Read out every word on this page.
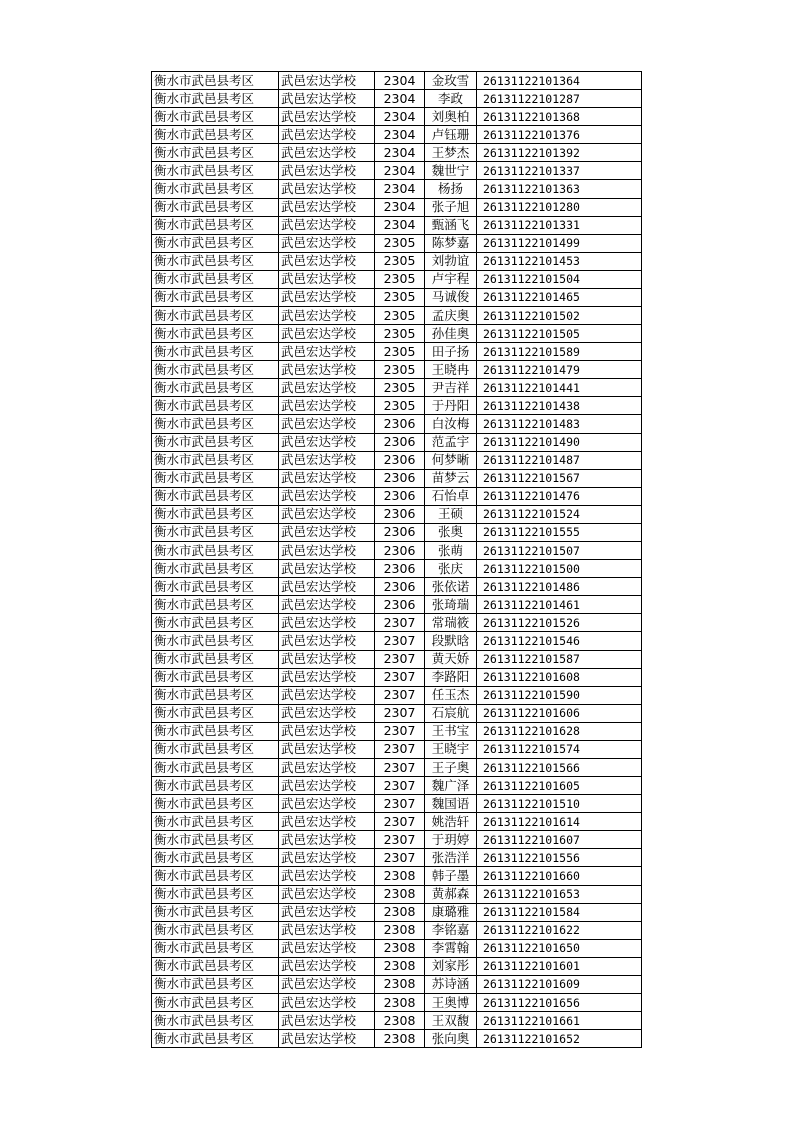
衡水市武邑县考区	武邑宏达学校	2304	金玫雪	26131122101364
衡水市武邑县考区	武邑宏达学校	2304	李政	26131122101287
衡水市武邑县考区	武邑宏达学校	2304	刘奥柏	26131122101368
衡水市武邑县考区	武邑宏达学校	2304	卢钰珊	26131122101376
衡水市武邑县考区	武邑宏达学校	2304	王梦杰	26131122101392
衡水市武邑县考区	武邑宏达学校	2304	魏世宁	26131122101337
衡水市武邑县考区	武邑宏达学校	2304	杨扬	26131122101363
衡水市武邑县考区	武邑宏达学校	2304	张子旭	26131122101280
衡水市武邑县考区	武邑宏达学校	2304	甄涵飞	26131122101331
衡水市武邑县考区	武邑宏达学校	2305	陈梦嘉	26131122101499
衡水市武邑县考区	武邑宏达学校	2305	刘勃谊	26131122101453
衡水市武邑县考区	武邑宏达学校	2305	卢宇程	26131122101504
衡水市武邑县考区	武邑宏达学校	2305	马诚俊	26131122101465
衡水市武邑县考区	武邑宏达学校	2305	孟庆奥	26131122101502
衡水市武邑县考区	武邑宏达学校	2305	孙佳奥	26131122101505
衡水市武邑县考区	武邑宏达学校	2305	田子扬	26131122101589
衡水市武邑县考区	武邑宏达学校	2305	王晓冉	26131122101479
衡水市武邑县考区	武邑宏达学校	2305	尹吉祥	26131122101441
衡水市武邑县考区	武邑宏达学校	2305	于丹阳	26131122101438
衡水市武邑县考区	武邑宏达学校	2306	白汝梅	26131122101483
衡水市武邑县考区	武邑宏达学校	2306	范孟宇	26131122101490
衡水市武邑县考区	武邑宏达学校	2306	何梦晰	26131122101487
衡水市武邑县考区	武邑宏达学校	2306	苗梦云	26131122101567
衡水市武邑县考区	武邑宏达学校	2306	石怡卓	26131122101476
衡水市武邑县考区	武邑宏达学校	2306	王硕	26131122101524
衡水市武邑县考区	武邑宏达学校	2306	张奥	26131122101555
衡水市武邑县考区	武邑宏达学校	2306	张萌	26131122101507
衡水市武邑县考区	武邑宏达学校	2306	张庆	26131122101500
衡水市武邑县考区	武邑宏达学校	2306	张依诺	26131122101486
衡水市武邑县考区	武邑宏达学校	2306	张琦瑞	26131122101461
衡水市武邑县考区	武邑宏达学校	2307	常瑞筱	26131122101526
衡水市武邑县考区	武邑宏达学校	2307	段默晗	26131122101546
衡水市武邑县考区	武邑宏达学校	2307	黄天娇	26131122101587
衡水市武邑县考区	武邑宏达学校	2307	李路阳	26131122101608
衡水市武邑县考区	武邑宏达学校	2307	任玉杰	26131122101590
衡水市武邑县考区	武邑宏达学校	2307	石宸航	26131122101606
衡水市武邑县考区	武邑宏达学校	2307	王书宝	26131122101628
衡水市武邑县考区	武邑宏达学校	2307	王晓宇	26131122101574
衡水市武邑县考区	武邑宏达学校	2307	王子奥	26131122101566
衡水市武邑县考区	武邑宏达学校	2307	魏广泽	26131122101605
衡水市武邑县考区	武邑宏达学校	2307	魏国语	26131122101510
衡水市武邑县考区	武邑宏达学校	2307	姚浩轩	26131122101614
衡水市武邑县考区	武邑宏达学校	2307	于玥婷	26131122101607
衡水市武邑县考区	武邑宏达学校	2307	张浩洋	26131122101556
衡水市武邑县考区	武邑宏达学校	2308	韩子墨	26131122101660
衡水市武邑县考区	武邑宏达学校	2308	黄郝森	26131122101653
衡水市武邑县考区	武邑宏达学校	2308	康璐雅	26131122101584
衡水市武邑县考区	武邑宏达学校	2308	李铭嘉	26131122101622
衡水市武邑县考区	武邑宏达学校	2308	李霄翰	26131122101650
衡水市武邑县考区	武邑宏达学校	2308	刘家彤	26131122101601
衡水市武邑县考区	武邑宏达学校	2308	苏诗涵	26131122101609
衡水市武邑县考区	武邑宏达学校	2308	王奥博	26131122101656
衡水市武邑县考区	武邑宏达学校	2308	王双馥	26131122101661
衡水市武邑县考区	武邑宏达学校	2308	张向奥	26131122101652
